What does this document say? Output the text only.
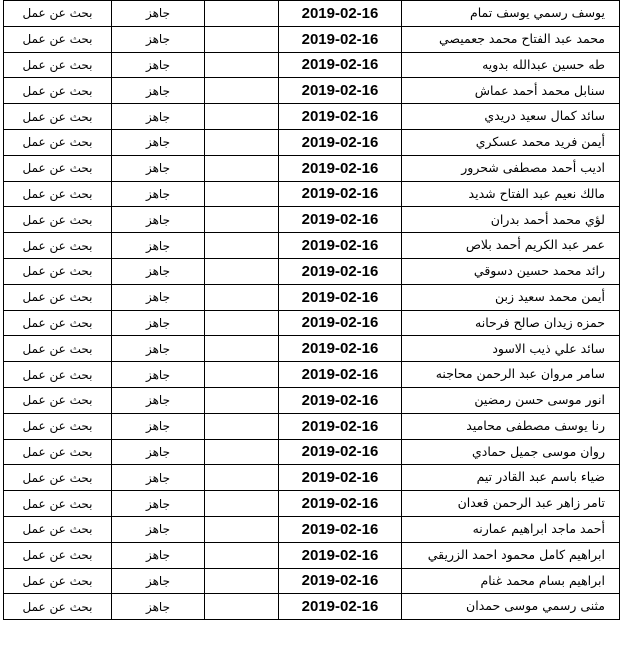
بحث عن عمل	جاهز		2019-02-16	يوسف رسمي يوسف تمام
بحث عن عمل	جاهز		2019-02-16	محمد عبد الفتاح محمد جعميصي
بحث عن عمل	جاهز		2019-02-16	طه حسين عبدالله بدويه
بحث عن عمل	جاهز		2019-02-16	سنابل محمد أحمد عماش
بحث عن عمل	جاهز		2019-02-16	سائد كمال سعيد دريدي
بحث عن عمل	جاهز		2019-02-16	أيمن فريد محمد عسكري
بحث عن عمل	جاهز		2019-02-16	اديب أحمد مصطفى شحرور
بحث عن عمل	جاهز		2019-02-16	مالك نعيم عبد الفتاح شديد
بحث عن عمل	جاهز		2019-02-16	لؤي محمد أحمد بدران
بحث عن عمل	جاهز		2019-02-16	عمر عبد الكريم أحمد بلاص
بحث عن عمل	جاهز		2019-02-16	رائد محمد حسين دسوقي
بحث عن عمل	جاهز		2019-02-16	أيمن محمد سعيد زبن
بحث عن عمل	جاهز		2019-02-16	حمزه زيدان صالح فرحانه
بحث عن عمل	جاهز		2019-02-16	سائد علي ذيب الاسود
بحث عن عمل	جاهز		2019-02-16	سامر مروان عبد الرحمن محاجنه
بحث عن عمل	جاهز		2019-02-16	انور موسى حسن رمضين
بحث عن عمل	جاهز		2019-02-16	رنا يوسف مصطفى محاميد
بحث عن عمل	جاهز		2019-02-16	روان موسى جميل حمادي
بحث عن عمل	جاهز		2019-02-16	ضياء باسم عبد القادر تيم
بحث عن عمل	جاهز		2019-02-16	تامر زاهر عبد الرحمن قعدان
بحث عن عمل	جاهز		2019-02-16	أحمد ماجد ابراهيم عمارنه
بحث عن عمل	جاهز		2019-02-16	ابراهيم كامل محمود احمد الزريقي
بحث عن عمل	جاهز		2019-02-16	ابراهيم بسام محمد غنام
بحث عن عمل	جاهز		2019-02-16	مثنى رسمي موسى حمدان
